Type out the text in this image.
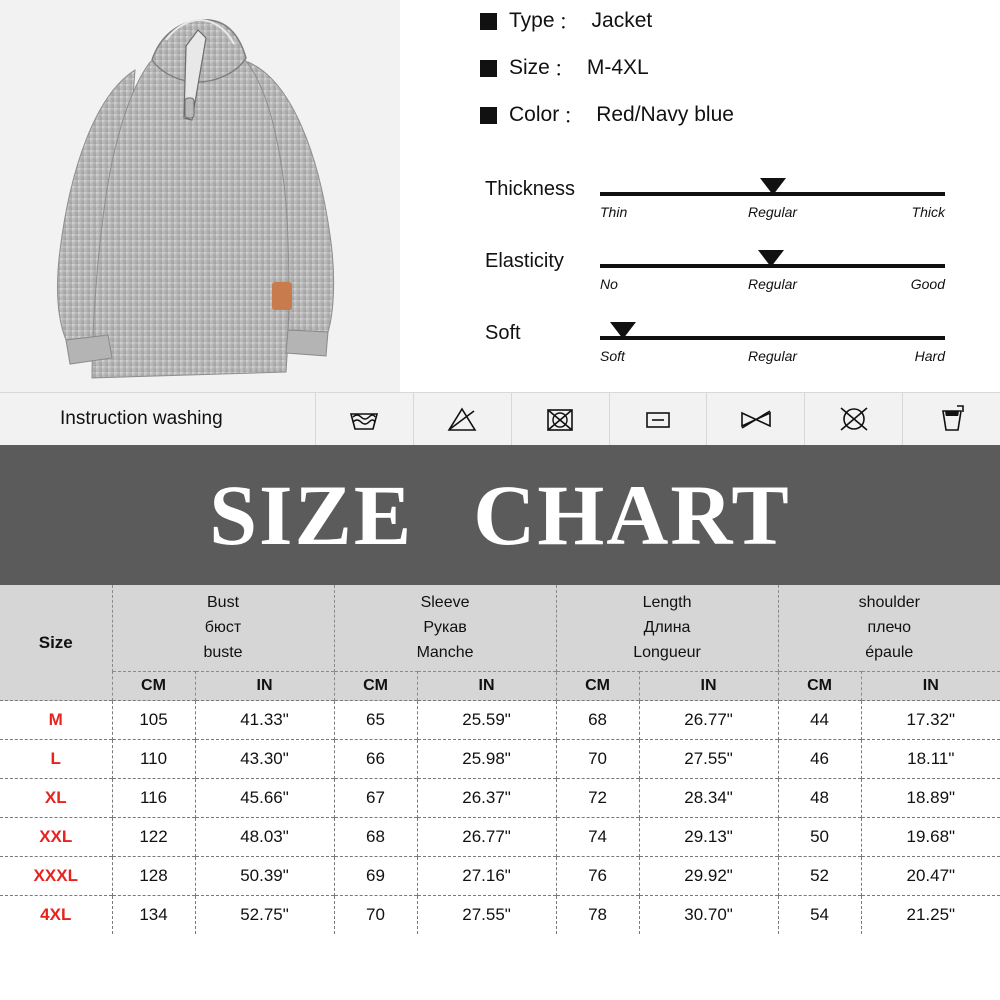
Type ： Jacket
Size ： M-4XL
Color ： Red/Navy blue
Thickness
Thin	Regular	Thick
Elasticity
No	Regular	Good
Soft
Soft	Regular	Hard
Instruction washing
SIZE CHART
Size	
Bust
бюст
buste

Sleeve
Рукав
Manche

Length
Длина
Longueur

shoulder
плечо
épaule

	CM	IN	CM	IN	CM	IN	CM	IN
M	105	41.33"	65	25.59"	68	26.77"	44	17.32"
L	110	43.30"	66	25.98"	70	27.55"	46	18.11"
XL	116	45.66"	67	26.37"	72	28.34"	48	18.89"
XXL	122	48.03"	68	26.77"	74	29.13"	50	19.68"
XXXL	128	50.39"	69	27.16"	76	29.92"	52	20.47"
4XL	134	52.75"	70	27.55"	78	30.70"	54	21.25"
